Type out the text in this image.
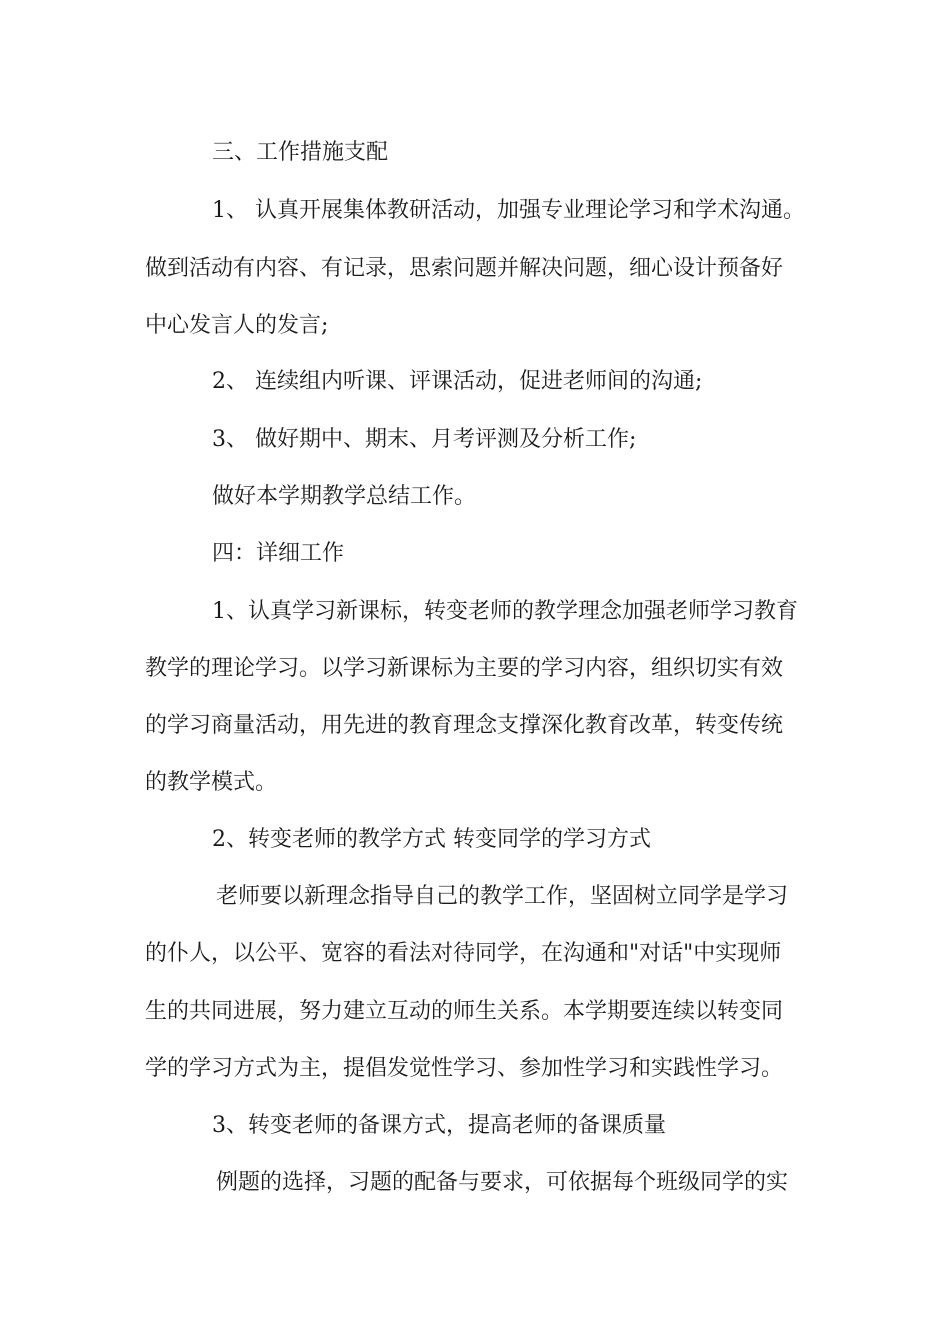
三、工作措施支配
1、 认真开展集体教研活动，加强专业理论学习和学术沟通。
做到活动有内容、有记录，思索问题并解决问题，细心设计预备好
中心发言人的发言;
2、 连续组内听课、评课活动，促进老师间的沟通;
3、 做好期中、期末、月考评测及分析工作;
做好本学期教学总结工作。
四：详细工作
1、认真学习新课标，转变老师的教学理念加强老师学习教育
教学的理论学习。以学习新课标为主要的学习内容，组织切实有效
的学习商量活动，用先进的教育理念支撑深化教育改革，转变传统
的教学模式。
2、转变老师的教学方式 转变同学的学习方式
老师要以新理念指导自己的教学工作，坚固树立同学是学习
的仆人，以公平、宽容的看法对待同学，在沟通和"对话"中实现师
生的共同进展，努力建立互动的师生关系。本学期要连续以转变同
学的学习方式为主，提倡发觉性学习、参加性学习和实践性学习。
3、转变老师的备课方式，提高老师的备课质量
例题的选择，习题的配备与要求，可依据每个班级同学的实
